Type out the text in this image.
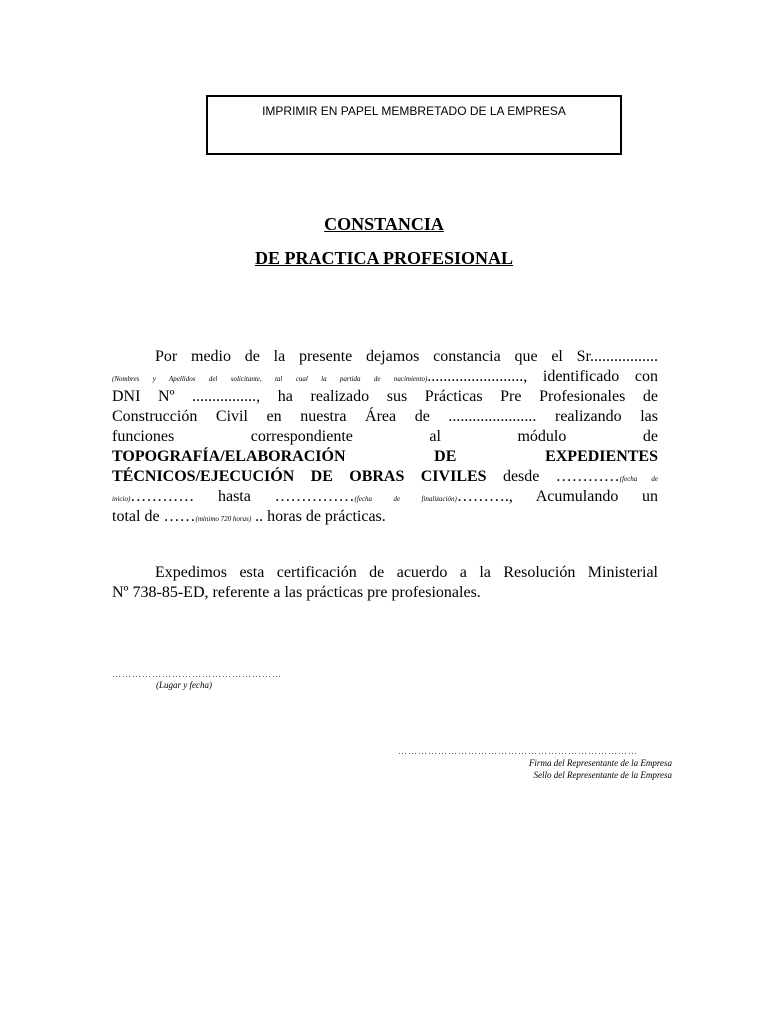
IMPRIMIR EN PAPEL MEMBRETADO DE LA EMPRESA
CONSTANCIA
DE PRACTICA PROFESIONAL
Por medio de la presente dejamos constancia que el Sr.................
(Nombres y Apellidos del solicitante, tal cual la partida de nacimiento)........................, identificado con
DNI Nº ................, ha realizado sus Prácticas Pre Profesionales de
Construcción Civil en nuestra Área de ...................... realizando las
funciones correspondiente al módulo de
TOPOGRAFÍA/ELABORACIÓN DE EXPEDIENTES
TÉCNICOS/EJECUCIÓN DE OBRAS CIVILES desde …………(fecha de
inicio)………… hasta ……………(fecha de finalización)………., Acumulando un
total de ……(mínimo 720 horas) .. horas de prácticas.
Expedimos esta certificación de acuerdo a la Resolución Ministerial
Nº 738-85-ED, referente a las prácticas pre profesionales.
……………………………………………
(Lugar y fecha)
………………………………………………………………
Firma del Representante de la Empresa
Sello del Representante de la Empresa
